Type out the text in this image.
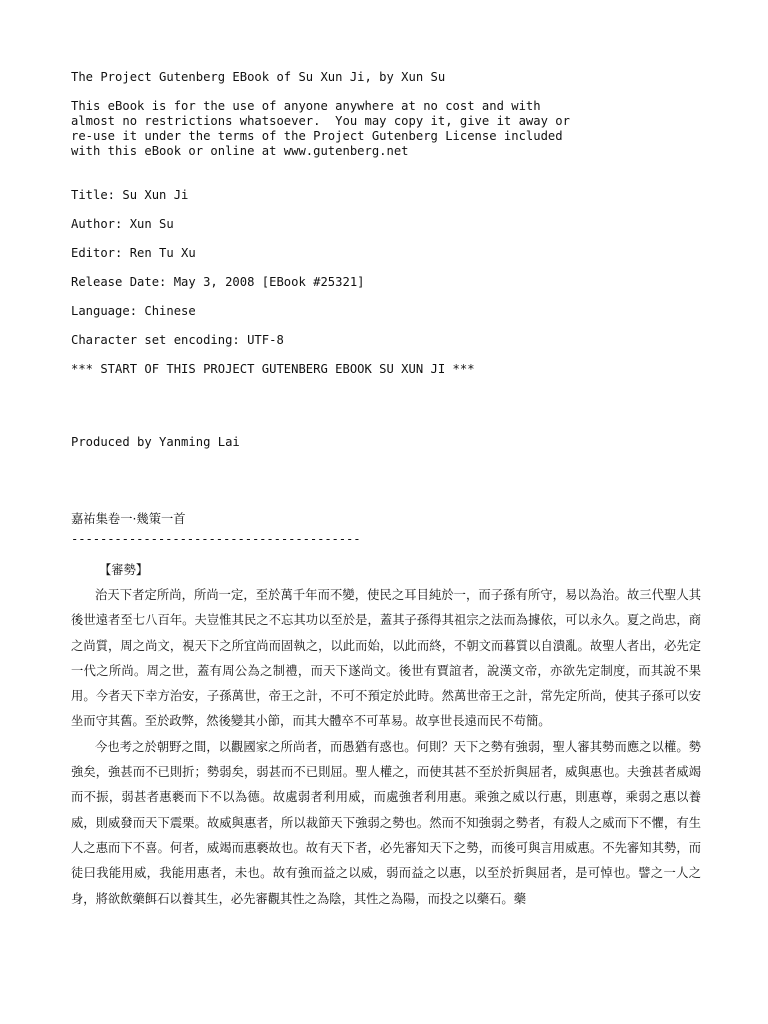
The Project Gutenberg EBook of Su Xun Ji, by Xun Su
This eBook is for the use of anyone anywhere at no cost and with
almost no restrictions whatsoever.  You may copy it, give it away or
re-use it under the terms of the Project Gutenberg License included
with this eBook or online at www.gutenberg.net
Title: Su Xun Ji
Author: Xun Su
Editor: Ren Tu Xu
Release Date: May 3, 2008 [EBook #25321]
Language: Chinese
Character set encoding: UTF-8
*** START OF THIS PROJECT GUTENBERG EBOOK SU XUN JI ***
Produced by Yanming Lai
嘉祐集卷一·幾策一首
----------------------------------------
【審勢】
治天下者定所尚，所尚一定，至於萬千年而不變，使民之耳目純於一，而子孫有所守，易以為治。故三代聖人其後世遠者至七八百年。夫豈惟其民之不忘其功以至於是，蓋其子孫得其祖宗之法而為據依，可以永久。夏之尚忠，商之尚質，周之尚文，視天下之所宜尚而固執之，以此而始，以此而終，不朝文而暮質以自潰亂。故聖人者出，必先定一代之所尚。周之世，蓋有周公為之制禮，而天下遂尚文。後世有賈誼者，說漢文帝，亦欲先定制度，而其說不果用。今者天下幸方治安，子孫萬世，帝王之計，不可不預定於此時。然萬世帝王之計，常先定所尚，使其子孫可以安坐而守其舊。至於政弊，然後變其小節，而其大體卒不可革易。故享世長遠而民不苟簡。
今也考之於朝野之間，以觀國家之所尚者，而愚猶有惑也。何則？天下之勢有強弱，聖人審其勢而應之以權。勢強矣，強甚而不已則折；勢弱矣，弱甚而不已則屈。聖人權之，而使其甚不至於折與屈者，威與惠也。夫強甚者威竭而不振，弱甚者惠褻而下不以為德。故處弱者利用威，而處強者利用惠。乘強之威以行惠，則惠尊，乘弱之惠以養威，則威發而天下震栗。故威與惠者，所以裁節天下強弱之勢也。然而不知強弱之勢者，有殺人之威而下不懼，有生人之惠而下不喜。何者，威竭而惠褻故也。故有天下者，必先審知天下之勢，而後可與言用威惠。不先審知其勢，而徒曰我能用威，我能用惠者，未也。故有強而益之以威，弱而益之以惠，以至於折與屈者，是可悼也。譬之一人之身，將欲飲藥餌石以養其生，必先審觀其性之為陰，其性之為陽，而投之以藥石。藥
